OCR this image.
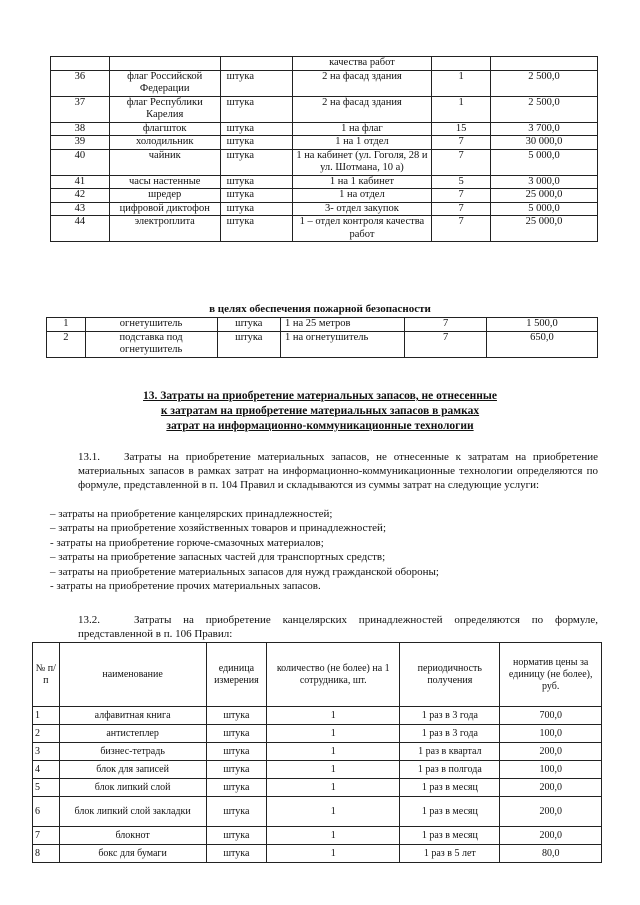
			качества работ		
36	флаг Российской Федерации	штука	2 на фасад здания	1	2 500,0
37	флаг Республики Карелия	штука	2 на фасад здания	1	2 500,0
38	флагшток	штука	1 на флаг	15	3 700,0
39	холодильник	штука	1 на 1 отдел	7	30 000,0
40	чайник	штука	1 на кабинет (ул. Гоголя, 28 и ул. Шотмана, 10 а)	7	5 000,0
41	часы настенные	штука	1 на 1 кабинет	5	3 000,0
42	шредер	штука	1 на отдел	7	25 000,0
43	цифровой диктофон	штука	3- отдел закупок	7	5 000,0
44	электроплита	штука	1 – отдел контроля качества работ	7	25 000,0
в целях обеспечения пожарной безопасности
1	огнетушитель	штука	1 на 25 метров	7	1 500,0
2	подставка под огнетушитель	штука	1 на огнетушитель	7	650,0
13. Затраты на приобретение материальных запасов, не отнесенные
к затратам на приобретение материальных запасов в рамках
затрат на информационно-коммуникационные технологии
13.1. Затраты на приобретение материальных запасов, не отнесенные к затратам на приобретение материальных запасов в рамках затрат на информационно-коммуникационные технологии определяются по формуле, представленной в п. 104 Правил и складываются из суммы затрат на следующие услуги:
– затраты на приобретение канцелярских принадлежностей;
– затраты на приобретение хозяйственных товаров и принадлежностей;
- затраты на приобретение горюче-смазочных материалов;
– затраты на приобретение запасных частей для транспортных средств;
– затраты на приобретение материальных запасов для нужд гражданской обороны;
- затраты на приобретение прочих материальных запасов.
13.2.	Затраты на приобретение канцелярских принадлежностей определяются по формуле, представленной в п. 106 Правил:
№ п/п	наименование	единица измерения	количество (не более) на 1 сотрудника, шт.	периодичность получения	норматив цены за единицу (не более), руб.
1	алфавитная книга	штука	1	1 раз в 3 года	700,0
2	антистеплер	штука	1	1 раз в 3 года	100,0
3	бизнес-тетрадь	штука	1	1 раз в квартал	200,0
4	блок для записей	штука	1	1 раз в полгода	100,0
5	блок липкий слой	штука	1	1 раз в месяц	200,0
6	блок липкий слой закладки	штука	1	1 раз в месяц	200,0
7	блокнот	штука	1	1 раз в месяц	200,0
8	бокс для бумаги	штука	1	1 раз в 5 лет	80,0
